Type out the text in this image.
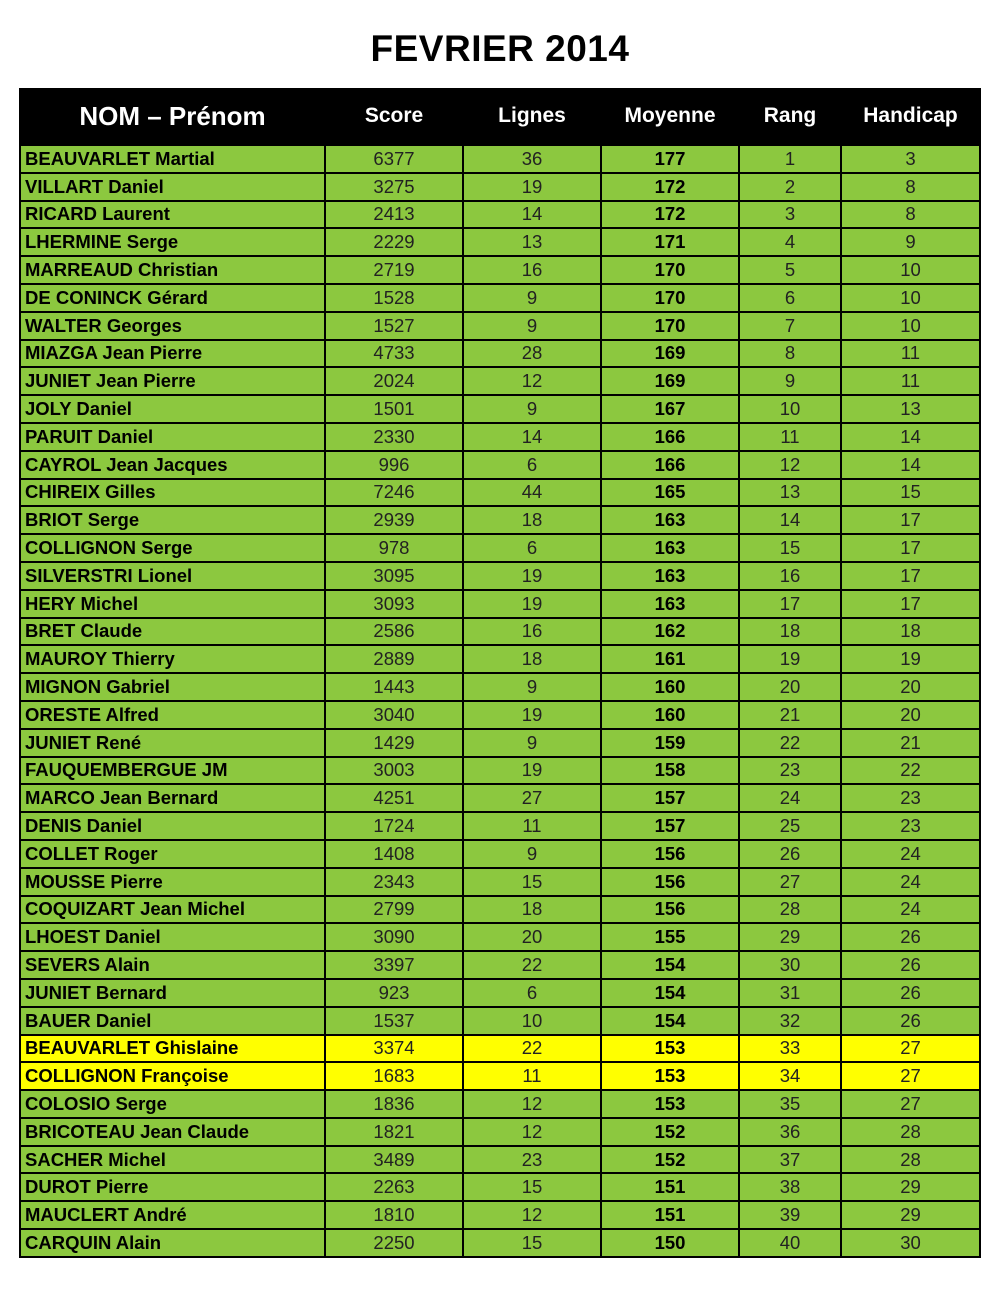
FEVRIER 2014
NOM – Prénom	Score	Lignes	Moyenne	Rang	Handicap
BEAUVARLET Martial	6377	36	177	1	3
VILLART Daniel	3275	19	172	2	8
RICARD Laurent	2413	14	172	3	8
LHERMINE Serge	2229	13	171	4	9
MARREAUD Christian	2719	16	170	5	10
DE CONINCK Gérard	1528	9	170	6	10
WALTER Georges	1527	9	170	7	10
MIAZGA Jean Pierre	4733	28	169	8	11
JUNIET Jean Pierre	2024	12	169	9	11
JOLY Daniel	1501	9	167	10	13
PARUIT Daniel	2330	14	166	11	14
CAYROL Jean Jacques	996	6	166	12	14
CHIREIX Gilles	7246	44	165	13	15
BRIOT Serge	2939	18	163	14	17
COLLIGNON Serge	978	6	163	15	17
SILVERSTRI Lionel	3095	19	163	16	17
HERY Michel	3093	19	163	17	17
BRET Claude	2586	16	162	18	18
MAUROY Thierry	2889	18	161	19	19
MIGNON Gabriel	1443	9	160	20	20
ORESTE Alfred	3040	19	160	21	20
JUNIET René	1429	9	159	22	21
FAUQUEMBERGUE JM	3003	19	158	23	22
MARCO Jean Bernard	4251	27	157	24	23
DENIS Daniel	1724	11	157	25	23
COLLET Roger	1408	9	156	26	24
MOUSSE Pierre	2343	15	156	27	24
COQUIZART Jean Michel	2799	18	156	28	24
LHOEST Daniel	3090	20	155	29	26
SEVERS Alain	3397	22	154	30	26
JUNIET Bernard	923	6	154	31	26
BAUER Daniel	1537	10	154	32	26
BEAUVARLET Ghislaine	3374	22	153	33	27
COLLIGNON Françoise	1683	11	153	34	27
COLOSIO Serge	1836	12	153	35	27
BRICOTEAU Jean Claude	1821	12	152	36	28
SACHER Michel	3489	23	152	37	28
DUROT Pierre	2263	15	151	38	29
MAUCLERT André	1810	12	151	39	29
CARQUIN Alain	2250	15	150	40	30
